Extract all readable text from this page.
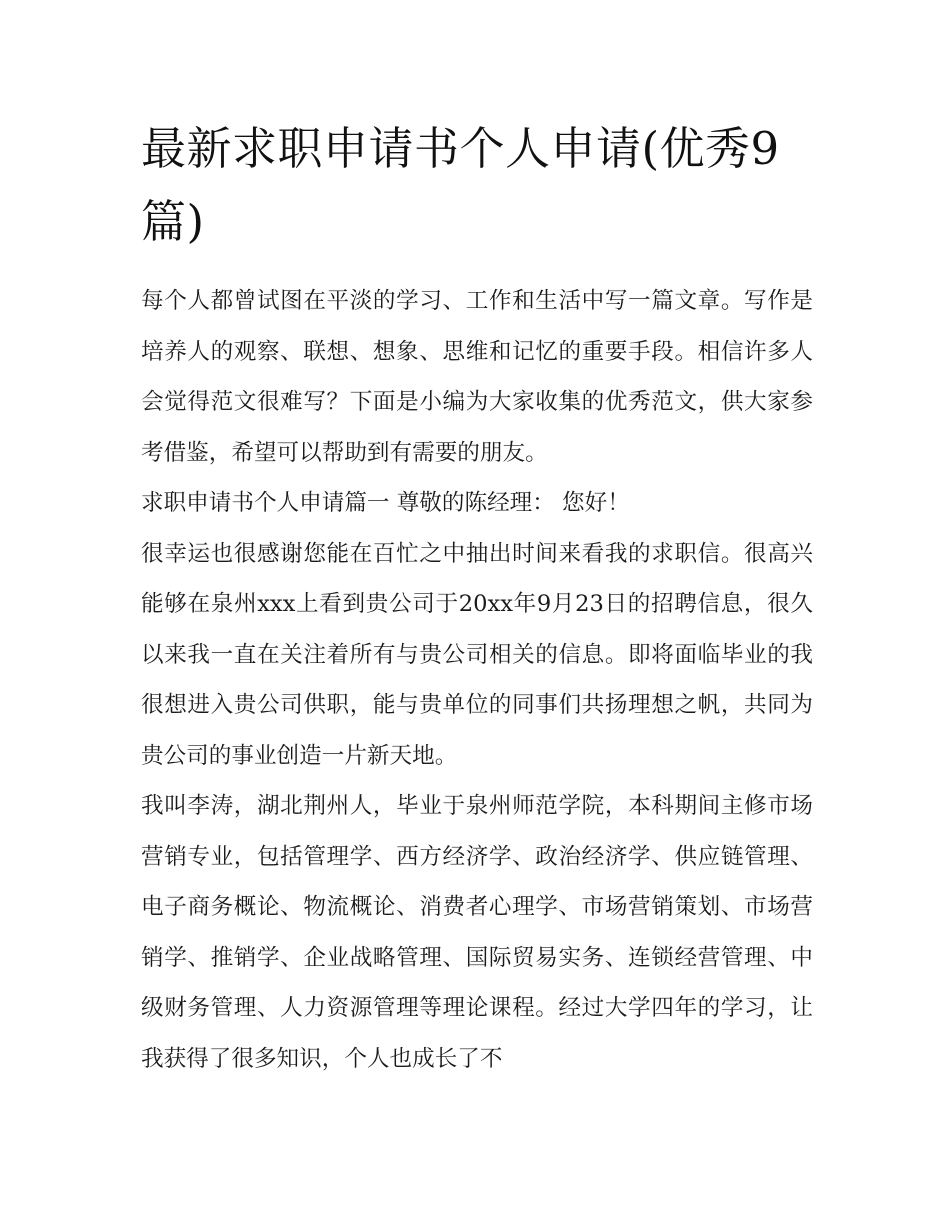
最新求职申请书个人申请(优秀9篇)

每个人都曾试图在平淡的学习、工作和生活中写一篇文章。写作是培养人的观察、联想、想象、思维和记忆的重要手段。相信许多人会觉得范文很难写？下面是小编为大家收集的优秀范文，供大家参考借鉴，希望可以帮助到有需要的朋友。

求职申请书个人申请篇一 尊敬的陈经理： 您好！

很幸运也很感谢您能在百忙之中抽出时间来看我的求职信。很高兴能够在泉州xxx上看到贵公司于20xx年9月23日的招聘信息，很久以来我一直在关注着所有与贵公司相关的信息。即将面临毕业的我很想进入贵公司供职，能与贵单位的同事们共扬理想之帆，共同为贵公司的事业创造一片新天地。

我叫李涛，湖北荆州人，毕业于泉州师范学院，本科期间主修市场营销专业，包括管理学、西方经济学、政治经济学、供应链管理、电子商务概论、物流概论、消费者心理学、市场营销策划、市场营销学、推销学、企业战略管理、国际贸易实务、连锁经营管理、中级财务管理、人力资源管理等理论课程。经过大学四年的学习，让我获得了很多知识，个人也成长了不
